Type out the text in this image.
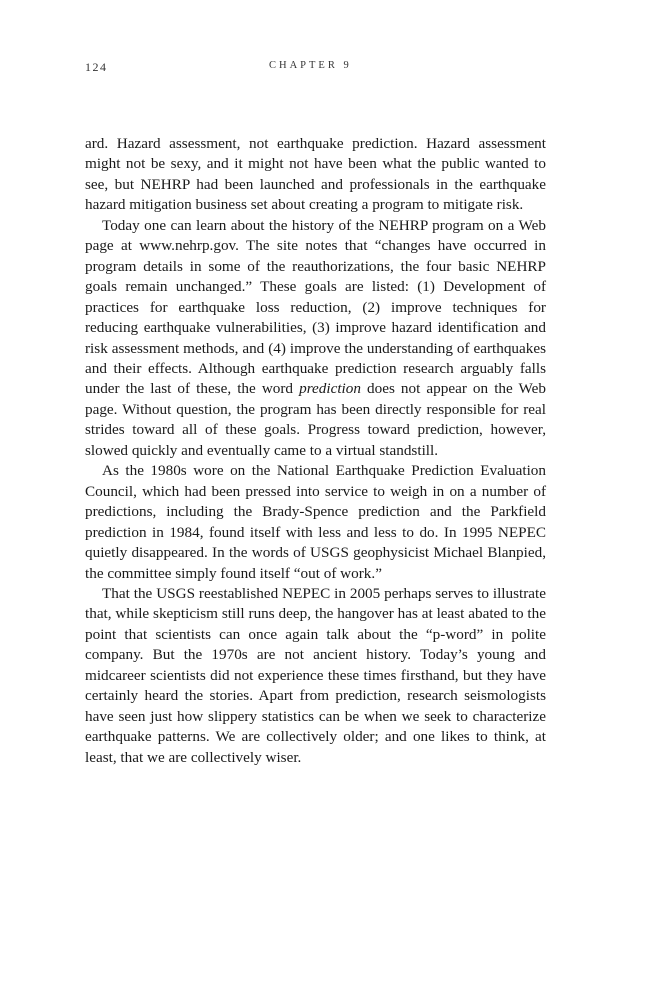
124	CHAPTER 9

ard. Hazard assessment, not earthquake prediction. Hazard assessment might not be sexy, and it might not have been what the public wanted to see, but NEHRP had been launched and professionals in the earthquake hazard mitigation business set about creating a program to mitigate risk.

Today one can learn about the history of the NEHRP program on a Web page at www.nehrp.gov. The site notes that “changes have occurred in program details in some of the reauthorizations, the four basic NEHRP goals remain unchanged.” These goals are listed: (1) Development of practices for earthquake loss reduction, (2) improve techniques for reducing earthquake vulnerabilities, (3) improve hazard identification and risk assessment methods, and (4) improve the understanding of earthquakes and their effects. Although earthquake prediction research arguably falls under the last of these, the word prediction does not appear on the Web page. Without question, the program has been directly responsible for real strides toward all of these goals. Progress toward prediction, however, slowed quickly and eventually came to a virtual standstill.

As the 1980s wore on the National Earthquake Prediction Evaluation Council, which had been pressed into service to weigh in on a number of predictions, including the Brady-Spence prediction and the Parkfield prediction in 1984, found itself with less and less to do. In 1995 NEPEC quietly disappeared. In the words of USGS geophysicist Michael Blanpied, the committee simply found itself “out of work.”

That the USGS reestablished NEPEC in 2005 perhaps serves to illustrate that, while skepticism still runs deep, the hangover has at least abated to the point that scientists can once again talk about the “p-word” in polite company. But the 1970s are not ancient history. Today’s young and midcareer scientists did not experience these times firsthand, but they have certainly heard the stories. Apart from prediction, research seismologists have seen just how slippery statistics can be when we seek to characterize earthquake patterns. We are collectively older; and one likes to think, at least, that we are collectively wiser.
